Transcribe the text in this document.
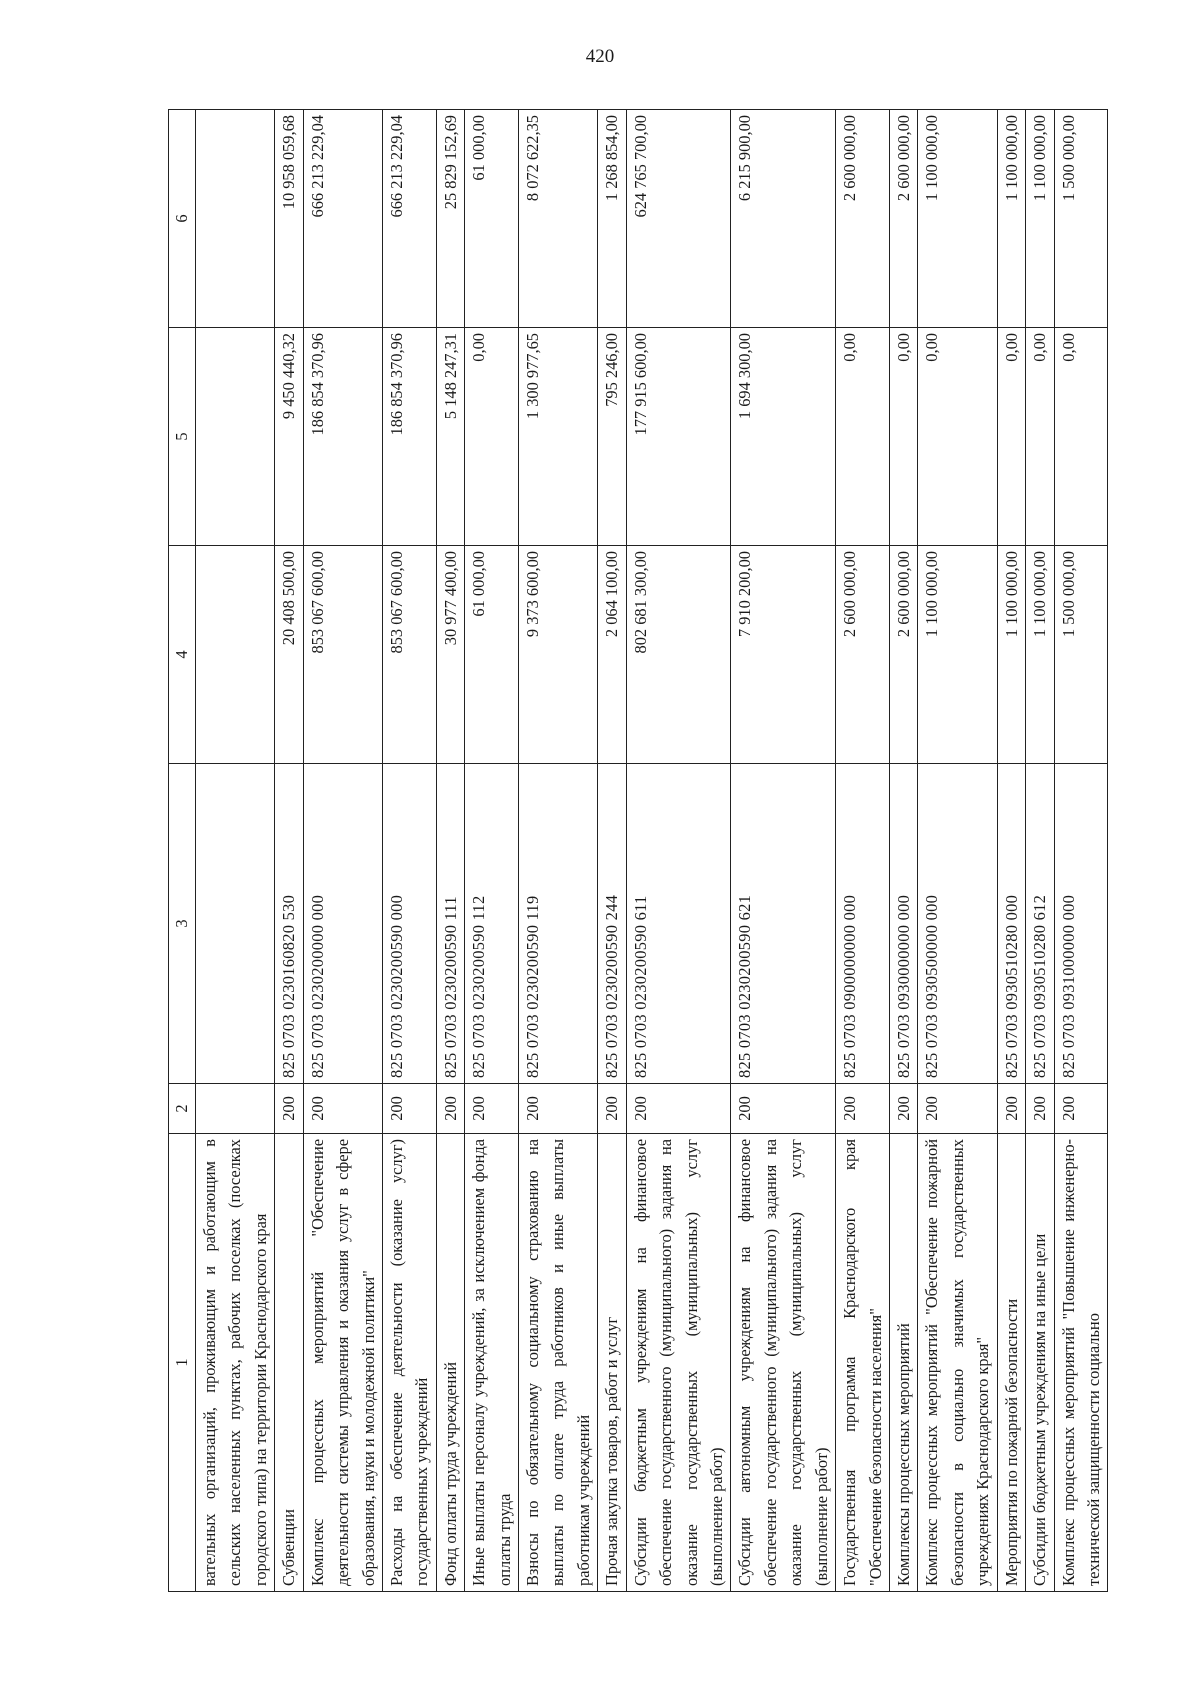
420
1	2	3	4	5	6
вательных организаций, проживающим и работающим в сельских населенных пунктах, рабочих поселках (поселках городского типа) на территории Краснодарского края					
Субвенции	200	825 0703 0230160820 530	20 408 500,00	9 450 440,32	10 958 059,68
Комплекс процессных мероприятий "Обеспечение деятельности системы управления и оказания услуг в сфере образования, науки и молодежной политики"	200	825 0703 0230200000 000	853 067 600,00	186 854 370,96	666 213 229,04
Расходы на обеспечение деятельности (оказание услуг) государственных учреждений	200	825 0703 0230200590 000	853 067 600,00	186 854 370,96	666 213 229,04
Фонд оплаты труда учреждений	200	825 0703 0230200590 111	30 977 400,00	5 148 247,31	25 829 152,69
Иные выплаты персоналу учреждений, за исключением фонда оплаты труда	200	825 0703 0230200590 112	61 000,00	0,00	61 000,00
Взносы по обязательному социальному страхованию на выплаты по оплате труда работников и иные выплаты работникам учреждений	200	825 0703 0230200590 119	9 373 600,00	1 300 977,65	8 072 622,35
Прочая закупка товаров, работ и услуг	200	825 0703 0230200590 244	2 064 100,00	795 246,00	1 268 854,00
Субсидии бюджетным учреждениям на финансовое обеспечение государственного (муниципального) задания на оказание государственных (муниципальных) услуг (выполнение работ)	200	825 0703 0230200590 611	802 681 300,00	177 915 600,00	624 765 700,00
Субсидии автономным учреждениям на финансовое обеспечение государственного (муниципального) задания на оказание государственных (муниципальных) услуг (выполнение работ)	200	825 0703 0230200590 621	7 910 200,00	1 694 300,00	6 215 900,00
Государственная программа Краснодарского края "Обеспечение безопасности населения"	200	825 0703 0900000000 000	2 600 000,00	0,00	2 600 000,00
Комплексы процессных мероприятий	200	825 0703 0930000000 000	2 600 000,00	0,00	2 600 000,00
Комплекс процессных мероприятий "Обеспечение пожарной безопасности в социально значимых государственных учреждениях Краснодарского края"	200	825 0703 0930500000 000	1 100 000,00	0,00	1 100 000,00
Мероприятия по пожарной безопасности	200	825 0703 0930510280 000	1 100 000,00	0,00	1 100 000,00
Субсидии бюджетным учреждениям на иные цели	200	825 0703 0930510280 612	1 100 000,00	0,00	1 100 000,00
Комплекс процессных мероприятий "Повышение инженерно-технической защищенности социально	200	825 0703 0931000000 000	1 500 000,00	0,00	1 500 000,00
